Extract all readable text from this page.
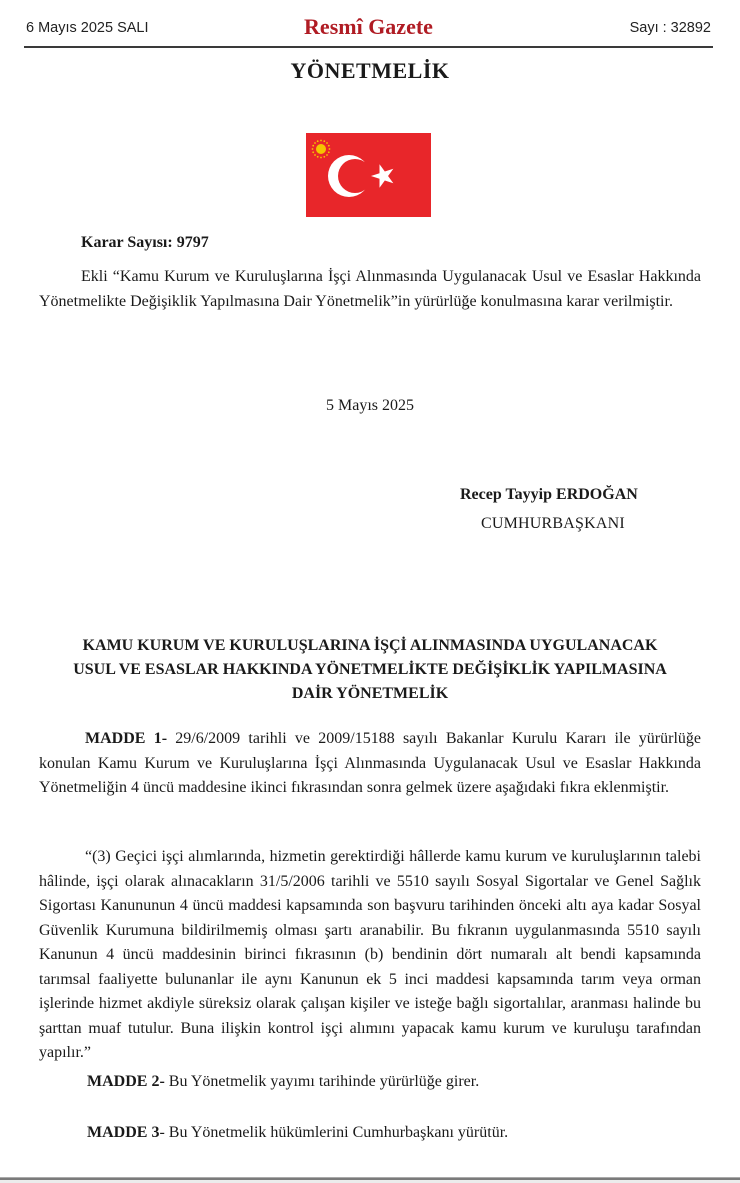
6 Mayıs 2025 SALI	Resmî Gazete	Sayı : 32892
YÖNETMELİK
Karar Sayısı: 9797

Ekli “Kamu Kurum ve Kuruluşlarına İşçi Alınmasında Uygulanacak Usul ve Esaslar Hakkında Yönetmelikte Değişiklik Yapılmasına Dair Yönetmelik”in yürürlüğe konulmasına karar verilmiştir.

5 Mayıs 2025
Recep Tayyip ERDOĞAN
CUMHURBAŞKANI
KAMU KURUM VE KURULUŞLARINA İŞÇİ ALINMASINDA UYGULANACAK
USUL VE ESASLAR HAKKINDA YÖNETMELİKTE DEĞİŞİKLİK YAPILMASINA
DAİR YÖNETMELİK

MADDE 1- 29/6/2009 tarihli ve 2009/15188 sayılı Bakanlar Kurulu Kararı ile yürürlüğe konulan Kamu Kurum ve Kuruluşlarına İşçi Alınmasında Uygulanacak Usul ve Esaslar Hakkında Yönetmeliğin 4 üncü maddesine ikinci fıkrasından sonra gelmek üzere aşağıdaki fıkra eklenmiştir.

“(3) Geçici işçi alımlarında, hizmetin gerektirdiği hâllerde kamu kurum ve kuruluşlarının talebi hâlinde, işçi olarak alınacakların 31/5/2006 tarihli ve 5510 sayılı Sosyal Sigortalar ve Genel Sağlık Sigortası Kanununun 4 üncü maddesi kapsamında son başvuru tarihinden önceki altı aya kadar Sosyal Güvenlik Kurumuna bildirilmemiş olması şartı aranabilir. Bu fıkranın uygulanmasında 5510 sayılı Kanunun 4 üncü maddesinin birinci fıkrasının (b) bendinin dört numaralı alt bendi kapsamında tarımsal faaliyette bulunanlar ile aynı Kanunun ek 5 inci maddesi kapsamında tarım veya orman işlerinde hizmet akdiyle süreksiz olarak çalışan kişiler ve isteğe bağlı sigortalılar, aranması halinde bu şarttan muaf tutulur. Buna ilişkin kontrol işçi alımını yapacak kamu kurum ve kuruluşu tarafından yapılır.”

MADDE 2- Bu Yönetmelik yayımı tarihinde yürürlüğe girer.
MADDE 3- Bu Yönetmelik hükümlerini Cumhurbaşkanı yürütür.
